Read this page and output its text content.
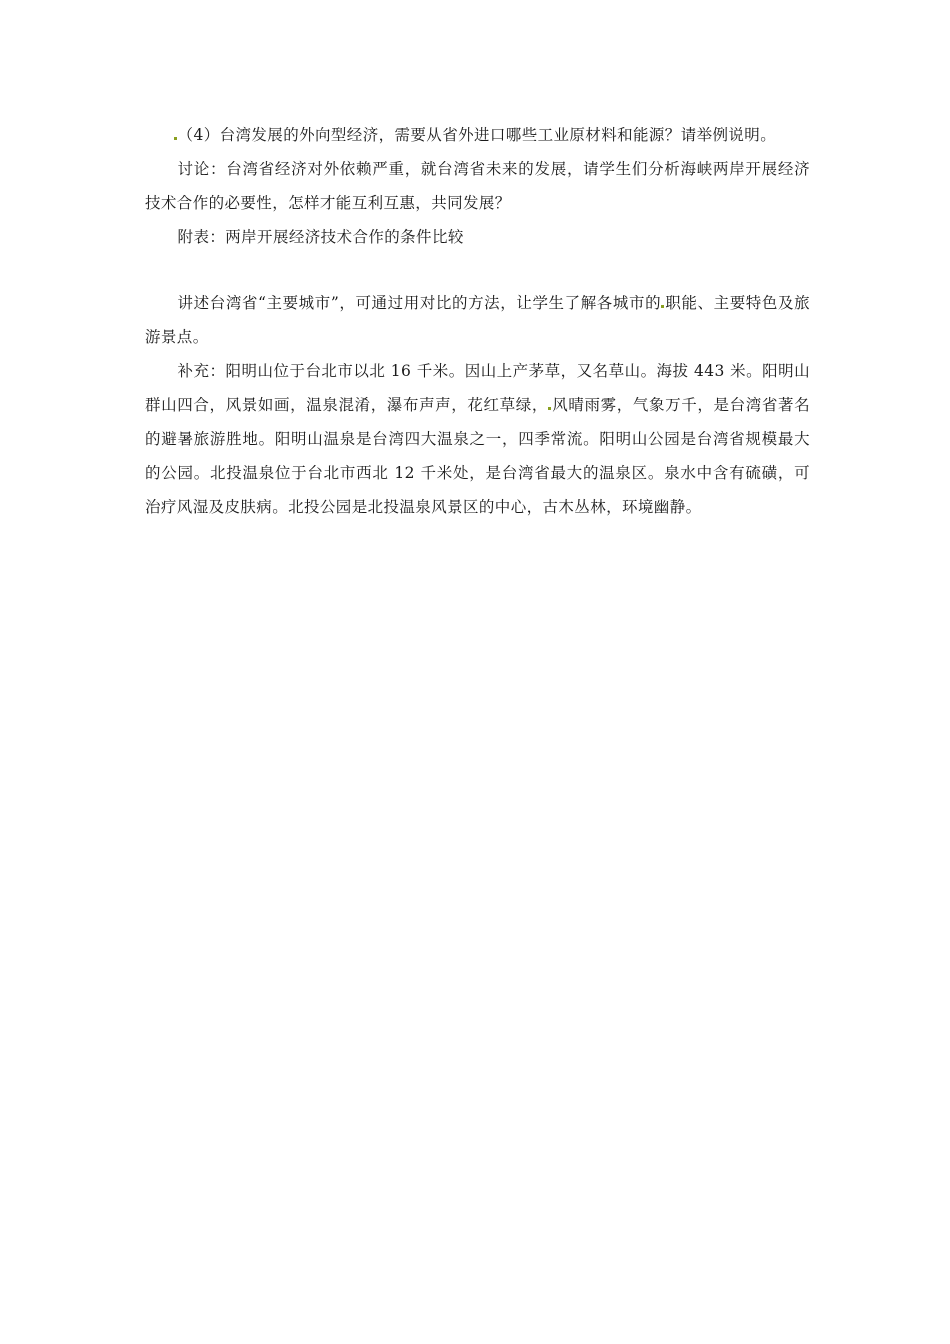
（4）台湾发展的外向型经济，需要从省外进口哪些工业原材料和能源？请举例说明。

讨论：台湾省经济对外依赖严重，就台湾省未来的发展，请学生们分析海峡两岸开展经济技术合作的必要性，怎样才能互利互惠，共同发展？

附表：两岸开展经济技术合作的条件比较

讲述台湾省“主要城市”，可通过用对比的方法，让学生了解各城市的 职能、主要特色及旅游景点。

补充：阳明山位于台北市以北 16 千米。因山上产茅草，又名草山。海拔 443 米。阳明山群山四合，风景如画，温泉混淆，瀑布声声，花红草绿， 风晴雨雾，气象万千，是台湾省著名的避暑旅游胜地。阳明山温泉是台湾四大温泉之一，四季常流。阳明山公园是台湾省规模最大的公园。北投温泉位于台北市西北 12 千米处，是台湾省最大的温泉区。泉水中含有硫磺，可治疗风湿及皮肤病。北投公园是北投温泉风景区的中心，古木丛林，环境幽静。
